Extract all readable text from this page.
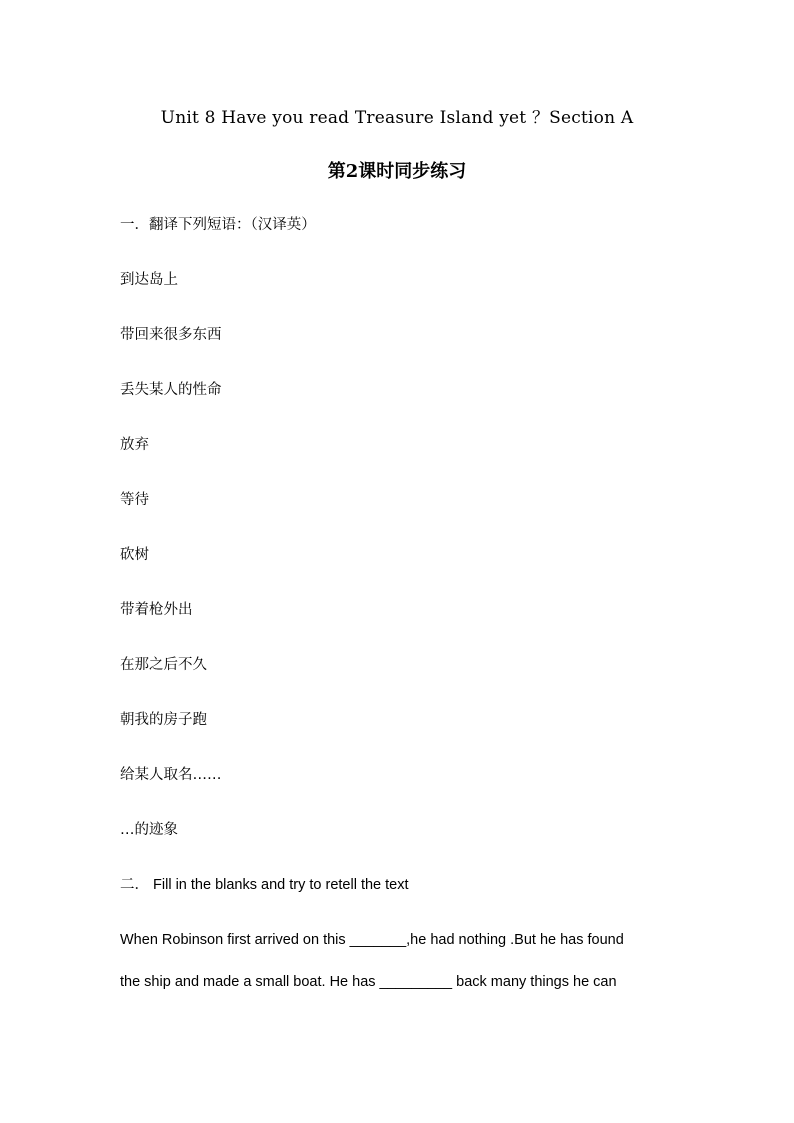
Unit 8 Have you read Treasure Island yet ？Section A
第2课时同步练习
一．翻译下列短语：（汉译英）
到达岛上
带回来很多东西
丢失某人的性命
放弃
等待
砍树
带着枪外出
在那之后不久
朝我的房子跑
给某人取名……
…的迹象
二． Fill in the blanks and try to retell the text
When Robinson first arrived on this _______,he had nothing .But he has found
the ship and made a small boat. He has _________ back many things he can
